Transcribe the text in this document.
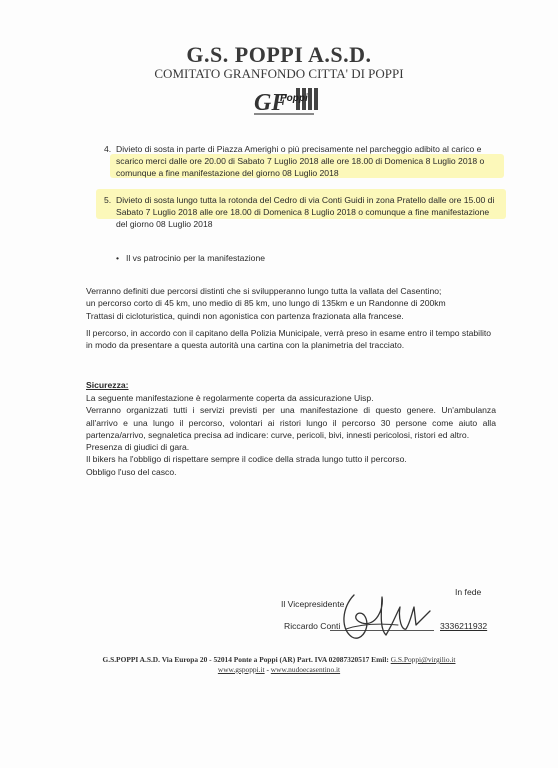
G.S. POPPI A.S.D.
COMITATO GRANFONDO CITTA' DI POPPI
GF
Poppi
4. Divieto di sosta in parte di Piazza Amerighi o più precisamente nel parcheggio adibito al carico e scarico merci dalle ore 20.00 di Sabato 7 Luglio 2018 alle ore 18.00 di Domenica 8 Luglio 2018 o comunque a fine manifestazione del giorno 08 Luglio 2018
5. Divieto di sosta lungo tutta la rotonda del Cedro di via Conti Guidi in zona Pratello dalle ore 15.00 di Sabato 7 Luglio 2018 alle ore 18.00 di Domenica 8 Luglio 2018 o comunque a fine manifestazione del giorno 08 Luglio 2018
• Il vs patrocinio per la manifestazione
Verranno definiti due percorsi distinti che si svilupperanno lungo tutta la vallata del Casentino;
un percorso corto di 45 km, uno medio di 85 km, uno lungo di 135km e un Randonne di 200km
Trattasi di cicloturistica, quindi non agonistica con partenza frazionata alla francese.
Il percorso, in accordo con il capitano della Polizia Municipale, verrà preso in esame entro il tempo stabilito
in modo da presentare a questa autorità una cartina con la planimetria del tracciato.
Sicurezza:
La seguente manifestazione è regolarmente coperta da assicurazione Uisp.
Verranno organizzati tutti i servizi previsti per una manifestazione di questo genere. Un'ambulanza
all'arrivo e una lungo il percorso, volontari ai ristori lungo il percorso 30 persone come aiuto alla
partenza/arrivo, segnaletica precisa ad indicare: curve, pericoli, bivi, innesti pericolosi, ristori ed altro.
Presenza di giudici di gara.
Il bikers ha l'obbligo di rispettare sempre il codice della strada lungo tutto il percorso.
Obbligo l'uso del casco.
In fede
Il Vicepresidente
Riccardo Conti	3336211932
G.S.POPPI A.S.D. Via Europa 20 - 52014 Ponte a Poppi (AR) Part. IVA 02087320517 Emil: G.S.Poppi@virgilio.it
www.gspoppi.it - www.nudoecasentino.it
